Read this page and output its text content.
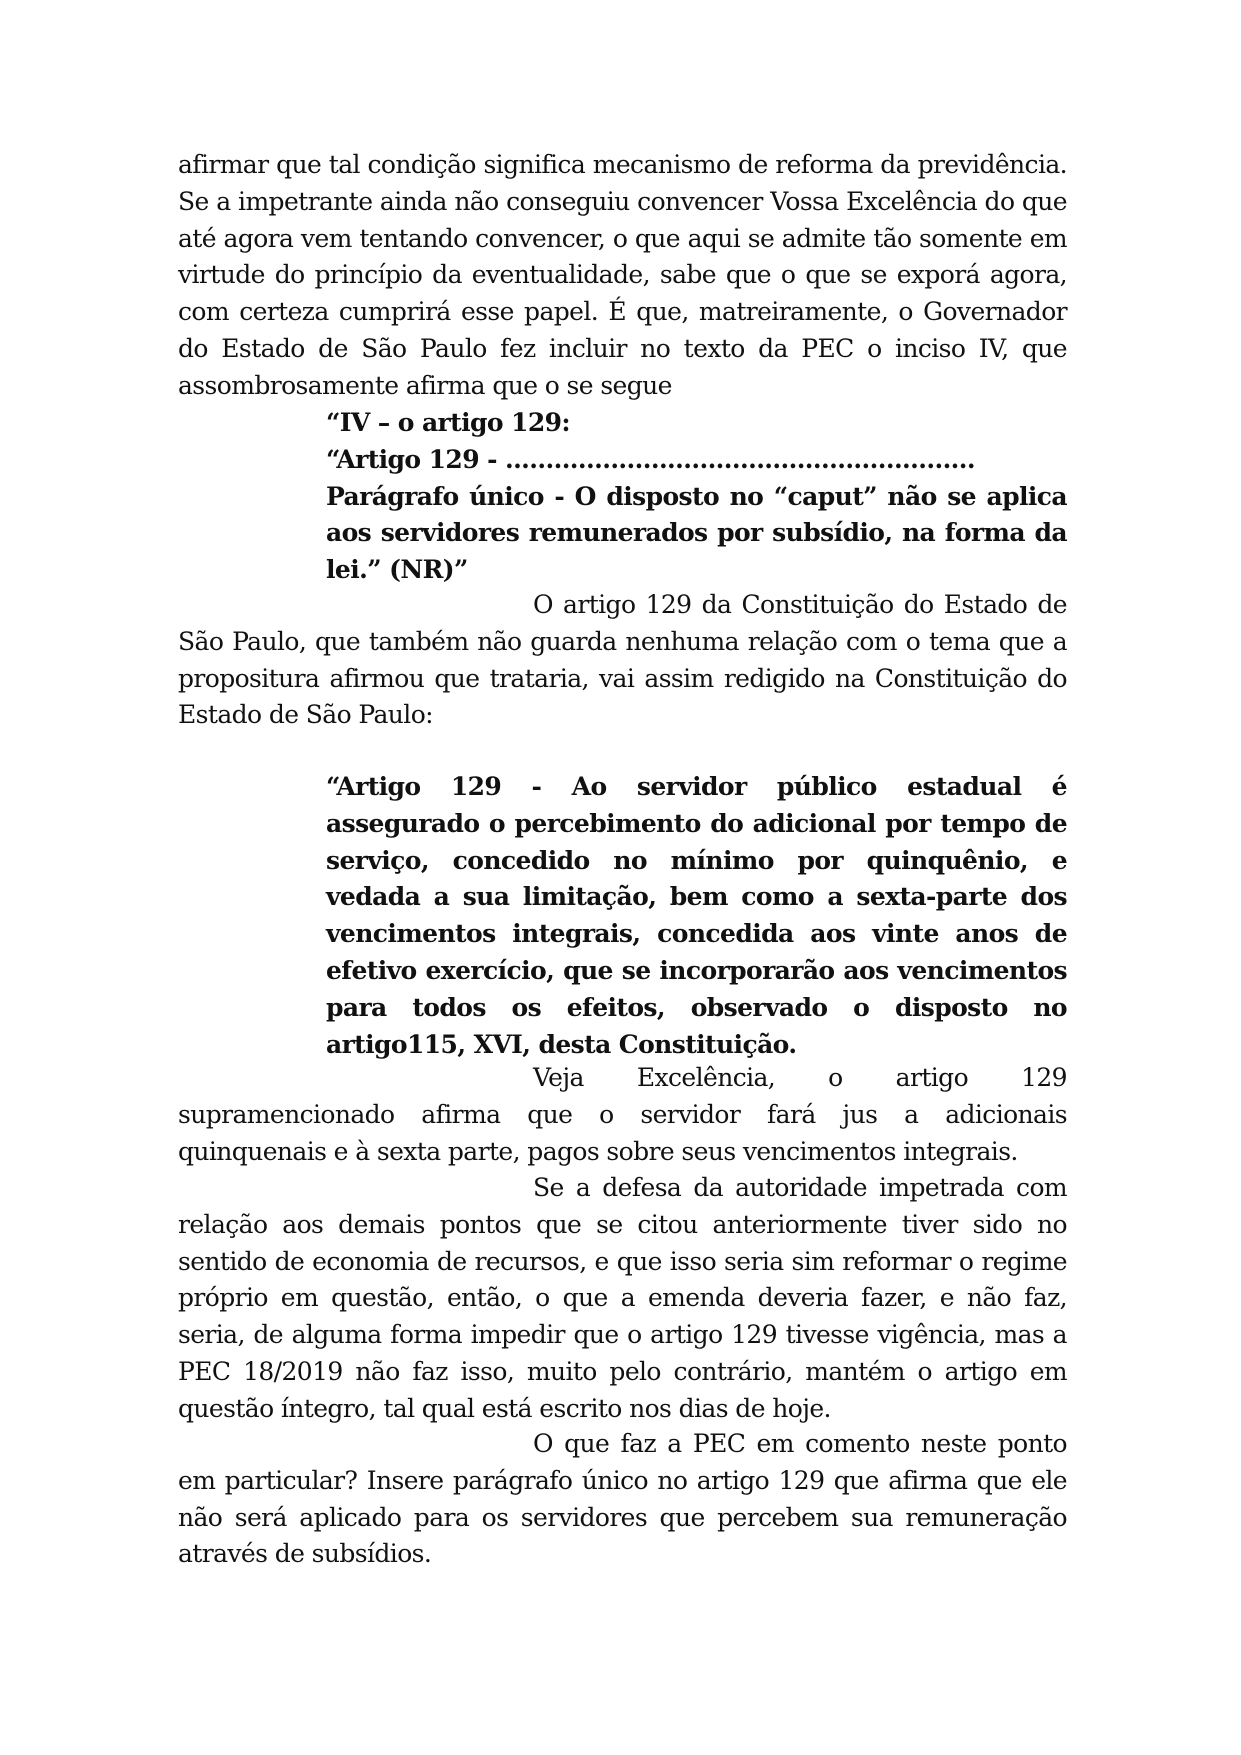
afirmar que tal condição significa mecanismo de reforma da previdência. Se a impetrante ainda não conseguiu convencer Vossa Excelência do que até agora vem tentando convencer, o que aqui se admite tão somente em virtude do princípio da eventualidade, sabe que o que se exporá agora, com certeza cumprirá esse papel. É que, matreiramente, o Governador do Estado de São Paulo fez incluir no texto da PEC o inciso IV, que assombrosamente afirma que o se segue

“IV – o artigo 129:
“Artigo 129 - ..........................................................
Parágrafo único - O disposto no “caput” não se aplica aos servidores remunerados por subsídio, na forma da lei.” (NR)”

O artigo 129 da Constituição do Estado de São Paulo, que também não guarda nenhuma relação com o tema que a propositura afirmou que trataria, vai assim redigido na Constituição do Estado de São Paulo:

“Artigo 129 - Ao servidor público estadual é assegurado o percebimento do adicional por tempo de serviço, concedido no mínimo por quinquênio, e vedada a sua limitação, bem como a sexta-parte dos vencimentos integrais, concedida aos vinte anos de efetivo exercício, que se incorporarão aos vencimentos para todos os efeitos, observado o disposto no artigo115, XVI, desta Constituição.

Veja Excelência, o artigo 129 supramencionado afirma que o servidor fará jus a adicionais quinquenais e à sexta parte, pagos sobre seus vencimentos integrais.

Se a defesa da autoridade impetrada com relação aos demais pontos que se citou anteriormente tiver sido no sentido de economia de recursos, e que isso seria sim reformar o regime próprio em questão, então, o que a emenda deveria fazer, e não faz, seria, de alguma forma impedir que o artigo 129 tivesse vigência, mas a PEC 18/2019 não faz isso, muito pelo contrário, mantém o artigo em questão íntegro, tal qual está escrito nos dias de hoje.

O que faz a PEC em comento neste ponto em particular? Insere parágrafo único no artigo 129 que afirma que ele não será aplicado para os servidores que percebem sua remuneração através de subsídios.
